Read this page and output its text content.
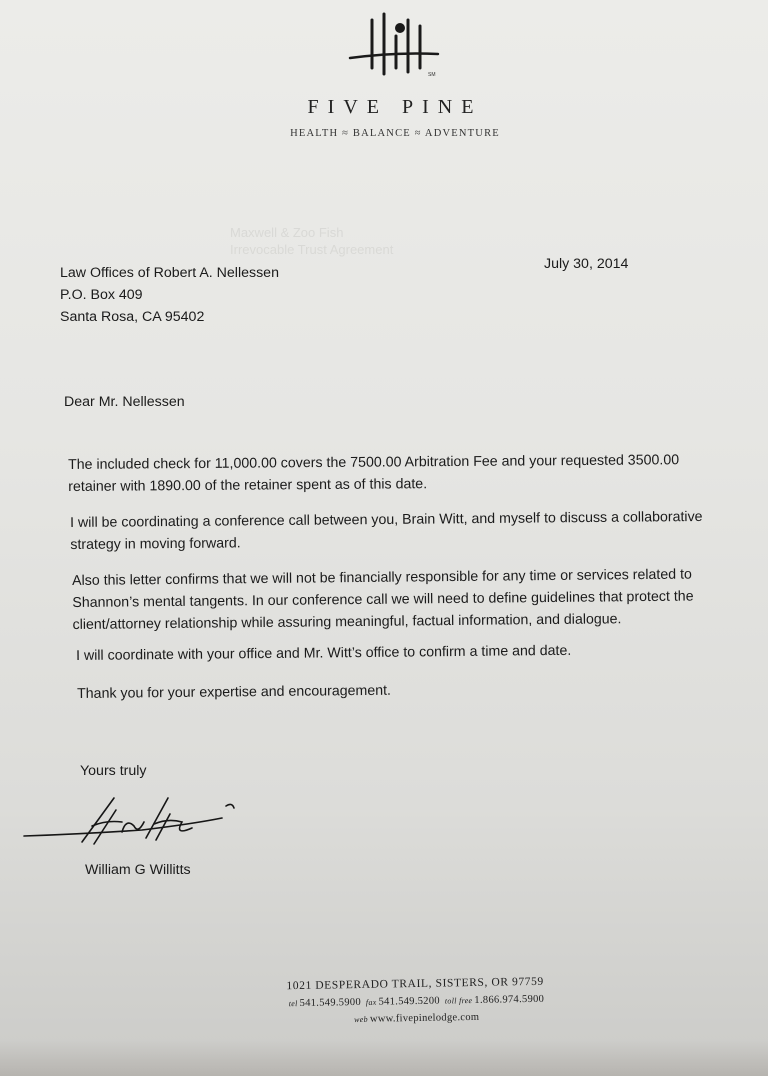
SM
FIVE PINE
HEALTH ≈ BALANCE ≈ ADVENTURE
Maxwell & Zoo Fish
Irrevocable Trust Agreement
July 30, 2014
Law Offices of Robert A. Nellessen
P.O. Box 409
Santa Rosa, CA 95402
Dear Mr. Nellessen
The included check for 11,000.00 covers the 7500.00 Arbitration Fee and your requested 3500.00
retainer with 1890.00 of the retainer spent as of this date.
I will be coordinating a conference call between you, Brain Witt, and myself to discuss a collaborative
strategy in moving forward.
Also this letter confirms that we will not be financially responsible for any time or services related to
Shannon’s mental tangents. In our conference call we will need to define guidelines that protect the
client/attorney relationship while assuring meaningful, factual information, and dialogue.
I will coordinate with your office and Mr. Witt’s office to confirm a time and date.
Thank you for your expertise and encouragement.
Yours truly
William G Willitts
1021 DESPERADO TRAIL, SISTERS, OR 97759
tel 541.549.5900 fax 541.549.5200 toll free 1.866.974.5900
web www.fivepinelodge.com
